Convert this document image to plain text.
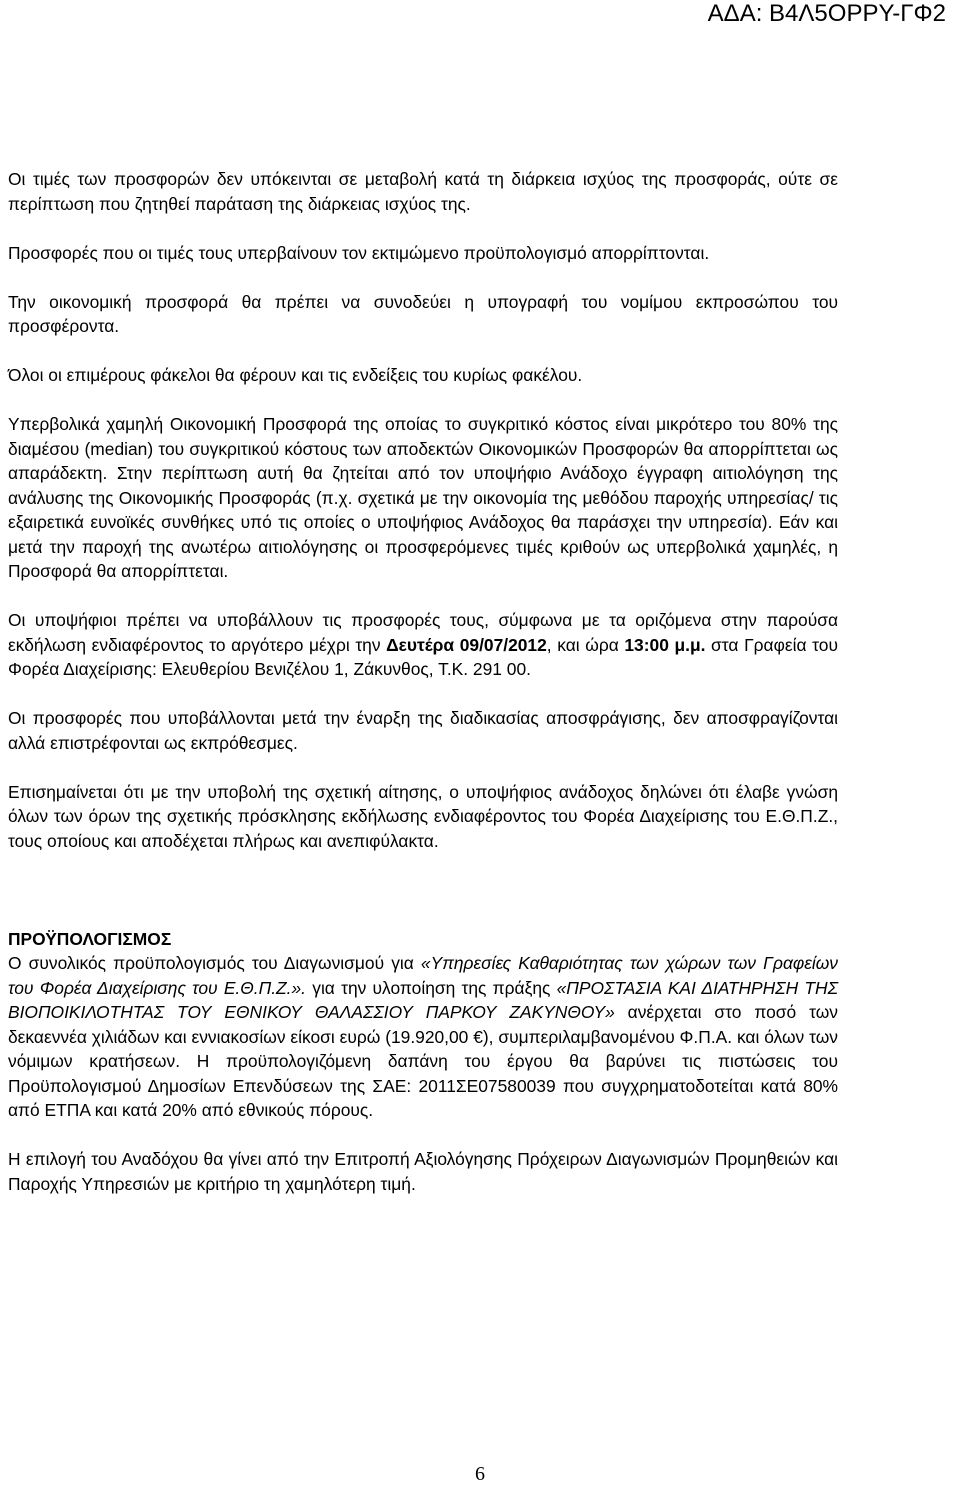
ΑΔΑ: Β4Λ5ΟΡΡΥ-ΓΦ2

Οι τιμές των προσφορών δεν υπόκεινται σε μεταβολή κατά τη διάρκεια ισχύος της προσφοράς, ούτε σε περίπτωση που ζητηθεί παράταση της διάρκειας ισχύος της.

Προσφορές που οι τιμές τους υπερβαίνουν τον εκτιμώμενο προϋπολογισμό απορρίπτονται.

Την οικονομική προσφορά θα πρέπει να συνοδεύει η υπογραφή του νομίμου εκπροσώπου του προσφέροντα.

Όλοι οι επιμέρους φάκελοι θα φέρουν και τις ενδείξεις του κυρίως φακέλου.

Υπερβολικά χαμηλή Οικονομική Προσφορά της οποίας το συγκριτικό κόστος είναι μικρότερο του 80% της διαμέσου (median) του συγκριτικού κόστους των αποδεκτών Οικονομικών Προσφορών θα απορρίπτεται ως απαράδεκτη. Στην περίπτωση αυτή θα ζητείται από τον υποψήφιο Ανάδοχο έγγραφη αιτιολόγηση της ανάλυσης της Οικονομικής Προσφοράς (π.χ. σχετικά με την οικονομία της μεθόδου παροχής υπηρεσίας/ τις εξαιρετικά ευνοϊκές συνθήκες υπό τις οποίες ο υποψήφιος Ανάδοχος θα παράσχει την υπηρεσία). Εάν και μετά την παροχή της ανωτέρω αιτιολόγησης οι προσφερόμενες τιμές κριθούν ως υπερβολικά χαμηλές, η Προσφορά θα απορρίπτεται.

Οι υποψήφιοι πρέπει να υποβάλλουν τις προσφορές τους, σύμφωνα με τα οριζόμενα στην παρούσα εκδήλωση ενδιαφέροντος το αργότερο μέχρι την Δευτέρα 09/07/2012, και ώρα 13:00 μ.μ. στα Γραφεία του Φορέα Διαχείρισης: Ελευθερίου Βενιζέλου 1, Ζάκυνθος, Τ.Κ. 291 00.

Οι προσφορές που υποβάλλονται μετά την έναρξη της διαδικασίας αποσφράγισης, δεν αποσφραγίζονται αλλά επιστρέφονται ως εκπρόθεσμες.

Επισημαίνεται ότι με την υποβολή της σχετική αίτησης, ο υποψήφιος ανάδοχος δηλώνει ότι έλαβε γνώση όλων των όρων της σχετικής πρόσκλησης εκδήλωσης ενδιαφέροντος του Φορέα Διαχείρισης του Ε.Θ.Π.Ζ., τους οποίους και αποδέχεται πλήρως και ανεπιφύλακτα.

ΠΡΟΫΠΟΛΟΓΙΣΜΟΣ

Ο συνολικός προϋπολογισμός του Διαγωνισμού για «Υπηρεσίες Καθαριότητας των χώρων των Γραφείων του Φορέα Διαχείρισης του Ε.Θ.Π.Ζ.». για την υλοποίηση της πράξης «ΠΡΟΣΤΑΣΙΑ ΚΑΙ ΔΙΑΤΗΡΗΣΗ ΤΗΣ ΒΙΟΠΟΙΚΙΛΟΤΗΤΑΣ ΤΟΥ ΕΘΝΙΚΟΥ ΘΑΛΑΣΣΙΟΥ ΠΑΡΚΟΥ ΖΑΚΥΝΘΟΥ» ανέρχεται στο ποσό των δεκαεννέα χιλιάδων και εννιακοσίων είκοσι ευρώ (19.920,00 €), συμπεριλαμβανομένου Φ.Π.Α. και όλων των νόμιμων κρατήσεων. Η προϋπολογιζόμενη δαπάνη του έργου θα βαρύνει τις πιστώσεις του Προϋπολογισμού Δημοσίων Επενδύσεων της ΣΑΕ: 2011ΣΕ07580039 που συγχρηματοδοτείται κατά 80% από ΕΤΠΑ και κατά 20% από εθνικούς πόρους.

Η επιλογή του Αναδόχου θα γίνει από την Επιτροπή Αξιολόγησης Πρόχειρων Διαγωνισμών Προμηθειών και Παροχής Υπηρεσιών με κριτήριο τη χαμηλότερη τιμή.

6
